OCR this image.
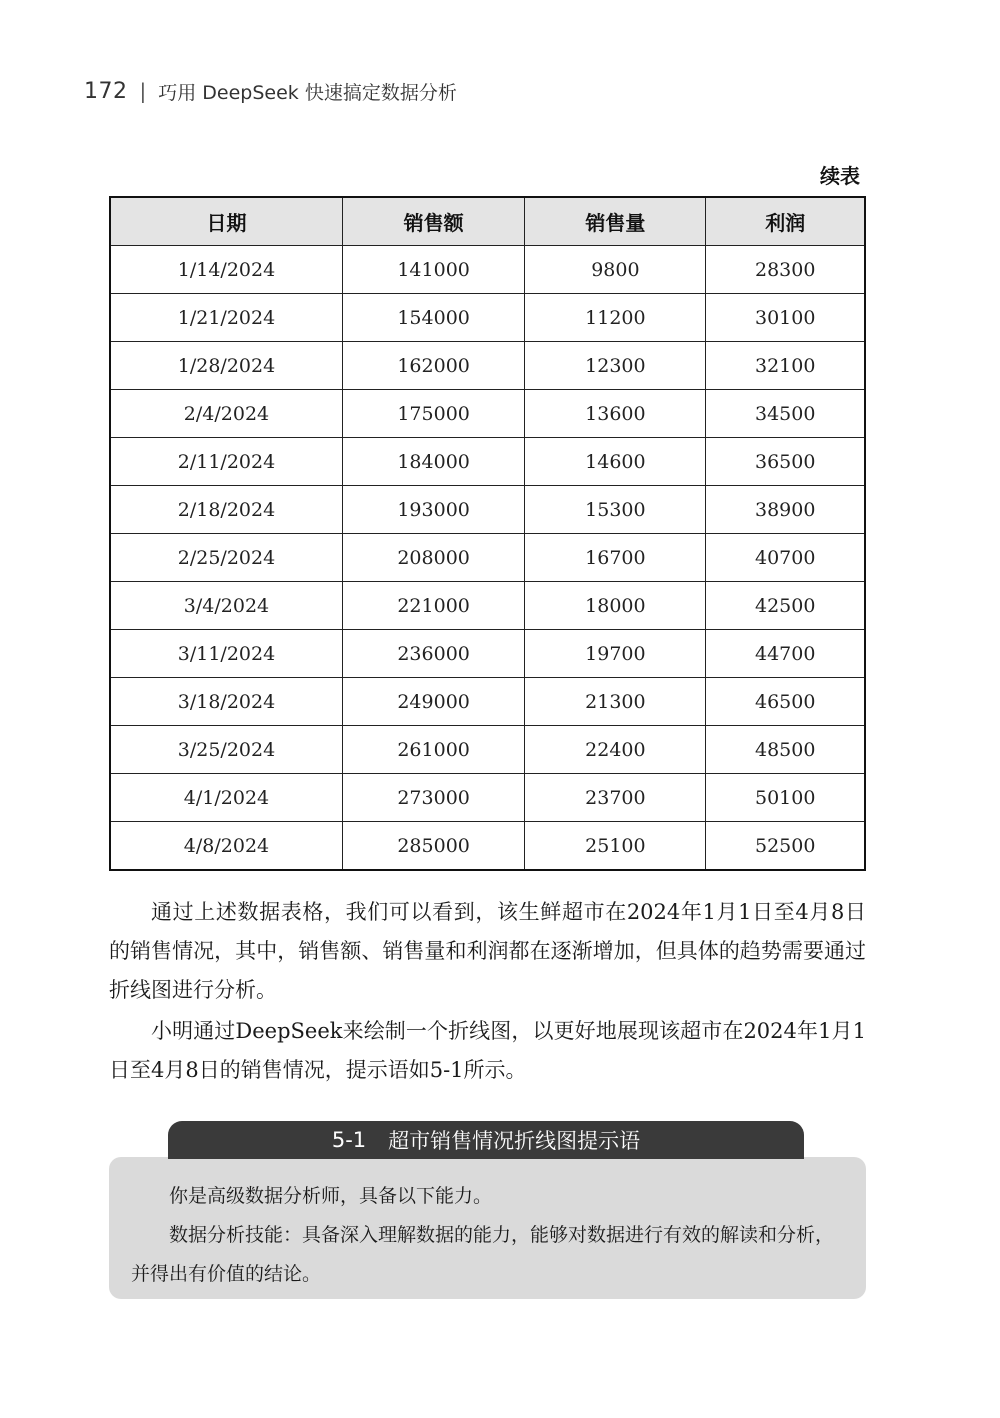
172 | 巧用 DeepSeek 快速搞定数据分析
续表
日期	销售额	销售量	利润
1/14/2024	141000	9800	28300
1/21/2024	154000	11200	30100
1/28/2024	162000	12300	32100
2/4/2024	175000	13600	34500
2/11/2024	184000	14600	36500
2/18/2024	193000	15300	38900
2/25/2024	208000	16700	40700
3/4/2024	221000	18000	42500
3/11/2024	236000	19700	44700
3/18/2024	249000	21300	46500
3/25/2024	261000	22400	48500
4/1/2024	273000	23700	50100
4/8/2024	285000	25100	52500

通过上述数据表格，我们可以看到，该生鲜超市在2024年1月1日至4月8日的销售情况，其中，销售额、销售量和利润都在逐渐增加，但具体的趋势需要通过折线图进行分析。

小明通过DeepSeek来绘制一个折线图，以更好地展现该超市在2024年1月1日至4月8日的销售情况，提示语如5-1所示。

5-1 超市销售情况折线图提示语

你是高级数据分析师，具备以下能力。

数据分析技能：具备深入理解数据的能力，能够对数据进行有效的解读和分析，并得出有价值的结论。
